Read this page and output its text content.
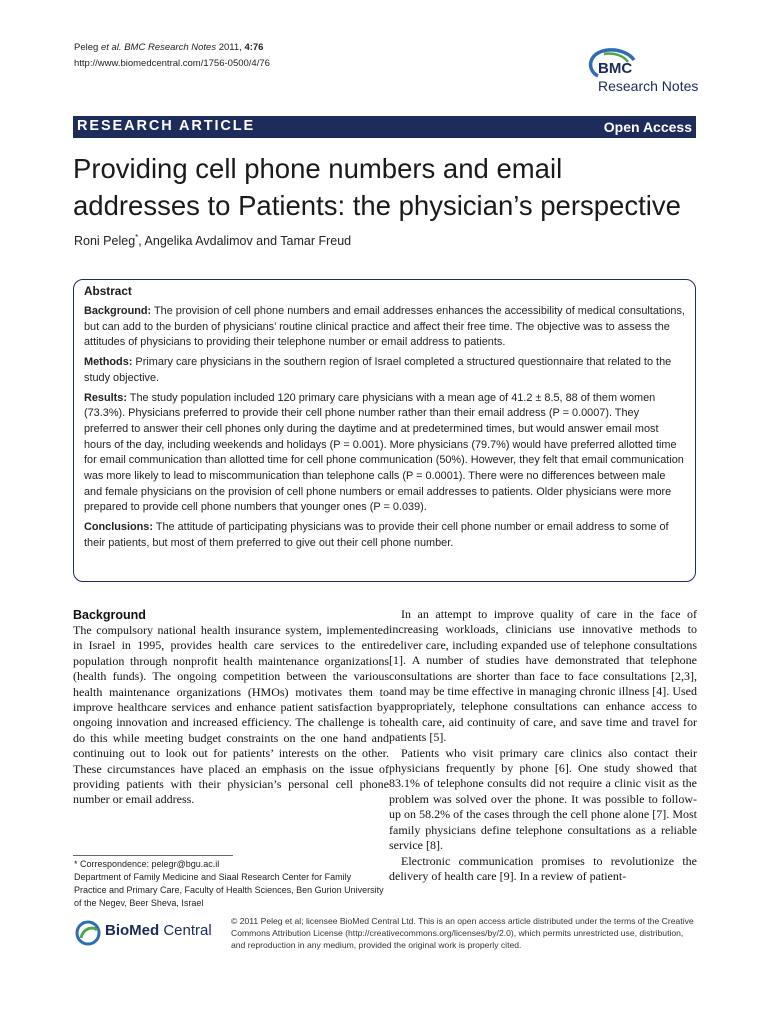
Peleg et al. BMC Research Notes 2011, 4:76
http://www.biomedcentral.com/1756-0500/4/76	BMC
Research Notes
RESEARCH ARTICLE	Open Access
Providing cell phone numbers and email
addresses to Patients: the physician’s perspective
Roni Peleg*, Angelika Avdalimov and Tamar Freud
Abstract

Background: The provision of cell phone numbers and email addresses enhances the accessibility of medical consultations, but can add to the burden of physicians’ routine clinical practice and affect their free time. The objective was to assess the attitudes of physicians to providing their telephone number or email address to patients.

Methods: Primary care physicians in the southern region of Israel completed a structured questionnaire that related to the study objective.

Results: The study population included 120 primary care physicians with a mean age of 41.2 ± 8.5, 88 of them women (73.3%). Physicians preferred to provide their cell phone number rather than their email address (P = 0.0007). They preferred to answer their cell phones only during the daytime and at predetermined times, but would answer email most hours of the day, including weekends and holidays (P = 0.001). More physicians (79.7%) would have preferred allotted time for email communication than allotted time for cell phone communication (50%). However, they felt that email communication was more likely to lead to miscommunication than telephone calls (P = 0.0001). There were no differences between male and female physicians on the provision of cell phone numbers or email addresses to patients. Older physicians were more prepared to provide cell phone numbers that younger ones (P = 0.039).

Conclusions: The attitude of participating physicians was to provide their cell phone number or email address to some of their patients, but most of them preferred to give out their cell phone number.

Background

The compulsory national health insurance system, implemented in Israel in 1995, provides health care services to the entire population through nonprofit health maintenance organizations (health funds). The ongoing competition between the various health maintenance organizations (HMOs) motivates them to improve healthcare services and enhance patient satisfaction by ongoing innovation and increased efficiency. The challenge is to do this while meeting budget constraints on the one hand and continuing out to look out for patients’ interests on the other. These circumstances have placed an emphasis on the issue of providing patients with their physician’s personal cell phone number or email address.

In an attempt to improve quality of care in the face of increasing workloads, clinicians use innovative methods to deliver care, including expanded use of telephone consultations [1]. A number of studies have demonstrated that telephone consultations are shorter than face to face consultations [2,3], and may be time effective in managing chronic illness [4]. Used appropriately, telephone consultations can enhance access to health care, aid continuity of care, and save time and travel for patients [5].

Patients who visit primary care clinics also contact their physicians frequently by phone [6]. One study showed that 83.1% of telephone consults did not require a clinic visit as the problem was solved over the phone. It was possible to follow-up on 58.2% of the cases through the cell phone alone [7]. Most family physicians define telephone consultations as a reliable service [8].

Electronic communication promises to revolutionize the delivery of health care [9]. In a review of patient-

* Correspondence: pelegr@bgu.ac.il
Department of Family Medicine and Siaal Research Center for Family
Practice and Primary Care, Faculty of Health Sciences, Ben Gurion University
of the Negev, Beer Sheva, Israel
BioMed Central
© 2011 Peleg et al; licensee BioMed Central Ltd. This is an open access article distributed under the terms of the Creative Commons Attribution License (http://creativecommons.org/licenses/by/2.0), which permits unrestricted use, distribution, and reproduction in any medium, provided the original work is properly cited.
